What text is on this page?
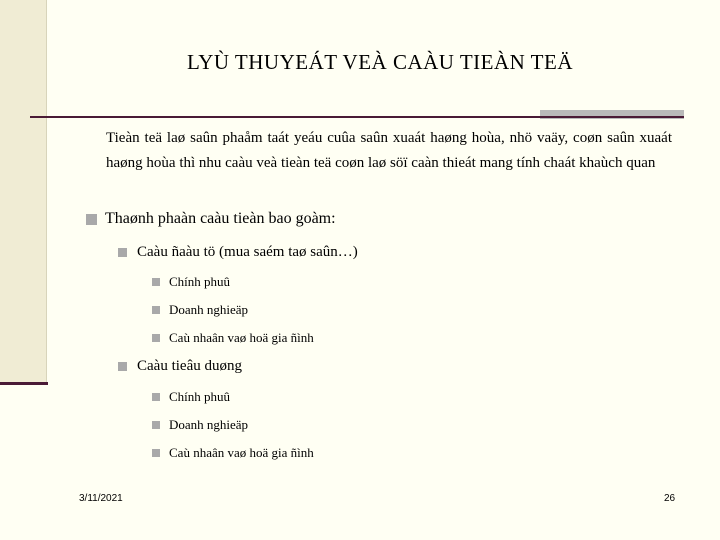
LYÙ THUYEÁT VEÀ CAÀU TIEÀN TEÄ
Tieàn teä laø saûn phaåm taát yeáu cuûa saûn xuaát haøng hoùa, nhö vaäy, coøn saûn xuaát haøng hoùa thì nhu caàu veà tieàn teä coøn laø söï caàn thieát mang tính chaát khaùch quan
Thaønh phaàn caàu tieàn bao goàm:
Caàu ñaàu tö (mua saém taø saûn…)
Chính phuû
Doanh nghieäp
Caù nhaân vaø hoä gia ñình
Caàu tieâu duøng
Chính phuû
Doanh nghieäp
Caù nhaân vaø hoä gia ñình
3/11/2021	26
